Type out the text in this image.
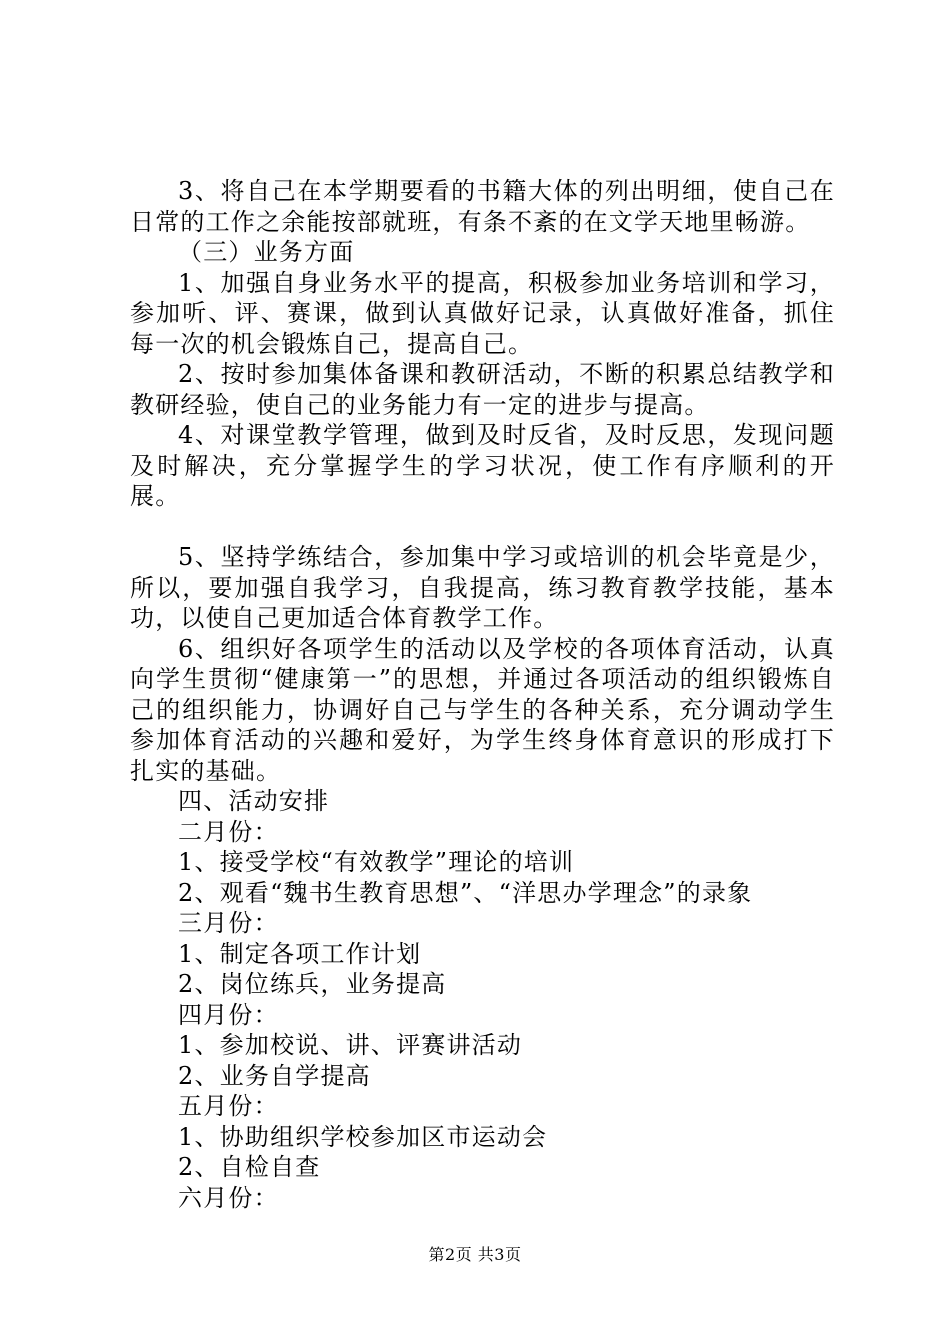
3、将自己在本学期要看的书籍大体的列出明细，使自己在日常的工作之余能按部就班，有条不紊的在文学天地里畅游。

（三）业务方面

1、加强自身业务水平的提高，积极参加业务培训和学习，参加听、评、赛课，做到认真做好记录，认真做好准备，抓住每一次的机会锻炼自己，提高自己。

2、按时参加集体备课和教研活动，不断的积累总结教学和教研经验，使自己的业务能力有一定的进步与提高。

4、对课堂教学管理，做到及时反省，及时反思，发现问题及时解决，充分掌握学生的学习状况，使工作有序顺利的开展。

5、坚持学练结合，参加集中学习或培训的机会毕竟是少，所以，要加强自我学习，自我提高，练习教育教学技能，基本功，以使自己更加适合体育教学工作。

6、组织好各项学生的活动以及学校的各项体育活动，认真向学生贯彻“健康第一”的思想，并通过各项活动的组织锻炼自己的组织能力，协调好自己与学生的各种关系，充分调动学生参加体育活动的兴趣和爱好，为学生终身体育意识的形成打下扎实的基础。

四、活动安排

二月份：

1、接受学校“有效教学”理论的培训

2、观看“魏书生教育思想”、“洋思办学理念”的录象

三月份：

1、制定各项工作计划

2、岗位练兵，业务提高

四月份：

1、参加校说、讲、评赛讲活动

2、业务自学提高

五月份：

1、协助组织学校参加区市运动会

2、自检自查

六月份：

第2页 共3页
